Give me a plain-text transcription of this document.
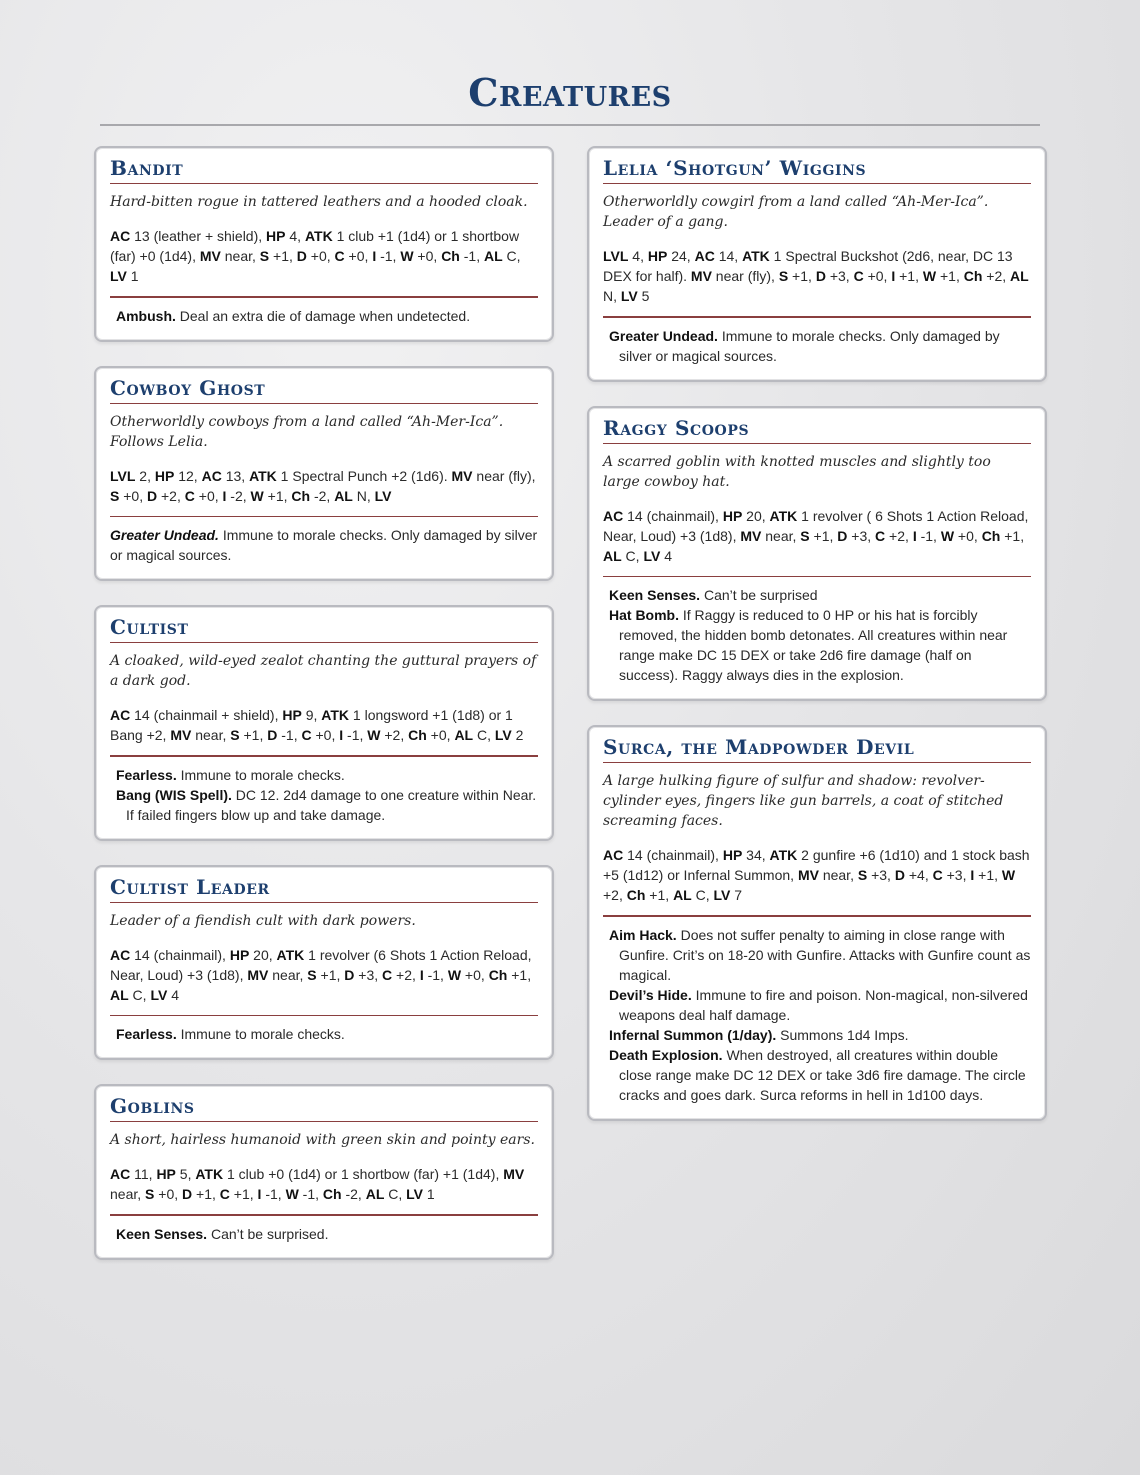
Creatures
Bandit

Hard-bitten rogue in tattered leathers and a hooded cloak.

AC 13 (leather + shield), HP 4, ATK 1 club +1 (1d4) or 1 shortbow (far) +0 (1d4), MV near, S +1, D +0, C +0, I -1, W +0, Ch -1, AL C, LV 1

Ambush. Deal an extra die of damage when undetected.

Cowboy Ghost

Otherworldly cowboys from a land called “Ah-Mer-Ica”. Follows Lelia.

LVL 2, HP 12, AC 13, ATK 1 Spectral Punch +2 (1d6). MV near (fly), S +0, D +2, C +0, I -2, W +1, Ch -2, AL N, LV

Greater Undead. Immune to morale checks. Only damaged by silver or magical sources.

Cultist

A cloaked, wild-eyed zealot chanting the guttural prayers of a dark god.

AC 14 (chainmail + shield), HP 9, ATK 1 longsword +1 (1d8) or 1 Bang +2, MV near, S +1, D -1, C +0, I -1, W +2, Ch +0, AL C, LV 2

Fearless. Immune to morale checks.

Bang (WIS Spell). DC 12. 2d4 damage to one creature within Near. If failed fingers blow up and take damage.

Cultist Leader

Leader of a fiendish cult with dark powers.

AC 14 (chainmail), HP 20, ATK 1 revolver (6 Shots 1 Action Reload, Near, Loud) +3 (1d8), MV near, S +1, D +3, C +2, I -1, W +0, Ch +1, AL C, LV 4

Fearless. Immune to morale checks.

Goblins

A short, hairless humanoid with green skin and pointy ears.

AC 11, HP 5, ATK 1 club +0 (1d4) or 1 shortbow (far) +1 (1d4), MV near, S +0, D +1, C +1, I -1, W -1, Ch -2, AL C, LV 1

Keen Senses. Can’t be surprised.

Lelia ‘Shotgun’ Wiggins

Otherworldly cowgirl from a land called “Ah-Mer-Ica”. Leader of a gang.

LVL 4, HP 24, AC 14, ATK 1 Spectral Buckshot (2d6, near, DC 13 DEX for half). MV near (fly), S +1, D +3, C +0, I +1, W +1, Ch +2, AL N, LV 5

Greater Undead. Immune to morale checks. Only damaged by silver or magical sources.

Raggy Scoops

A scarred goblin with knotted muscles and slightly too large cowboy hat.

AC 14 (chainmail), HP 20, ATK 1 revolver ( 6 Shots 1 Action Reload, Near, Loud) +3 (1d8), MV near, S +1, D +3, C +2, I -1, W +0, Ch +1, AL C, LV 4

Keen Senses. Can’t be surprised

Hat Bomb. If Raggy is reduced to 0 HP or his hat is forcibly removed, the hidden bomb detonates. All creatures within near range make DC 15 DEX or take 2d6 fire damage (half on success). Raggy always dies in the explosion.

Surca, the Madpowder Devil

A large hulking figure of sulfur and shadow: revolver-cylinder eyes, fingers like gun barrels, a coat of stitched screaming faces.

AC 14 (chainmail), HP 34, ATK 2 gunfire +6 (1d10) and 1 stock bash +5 (1d12) or Infernal Summon, MV near, S +3, D +4, C +3, I +1, W +2, Ch +1, AL C, LV 7

Aim Hack. Does not suffer penalty to aiming in close range with Gunfire. Crit’s on 18-20 with Gunfire. Attacks with Gunfire count as magical.

Devil’s Hide. Immune to fire and poison. Non-magical, non-silvered weapons deal half damage.

Infernal Summon (1/day). Summons 1d4 Imps.

Death Explosion. When destroyed, all creatures within double close range make DC 12 DEX or take 3d6 fire damage. The circle cracks and goes dark. Surca reforms in hell in 1d100 days.
